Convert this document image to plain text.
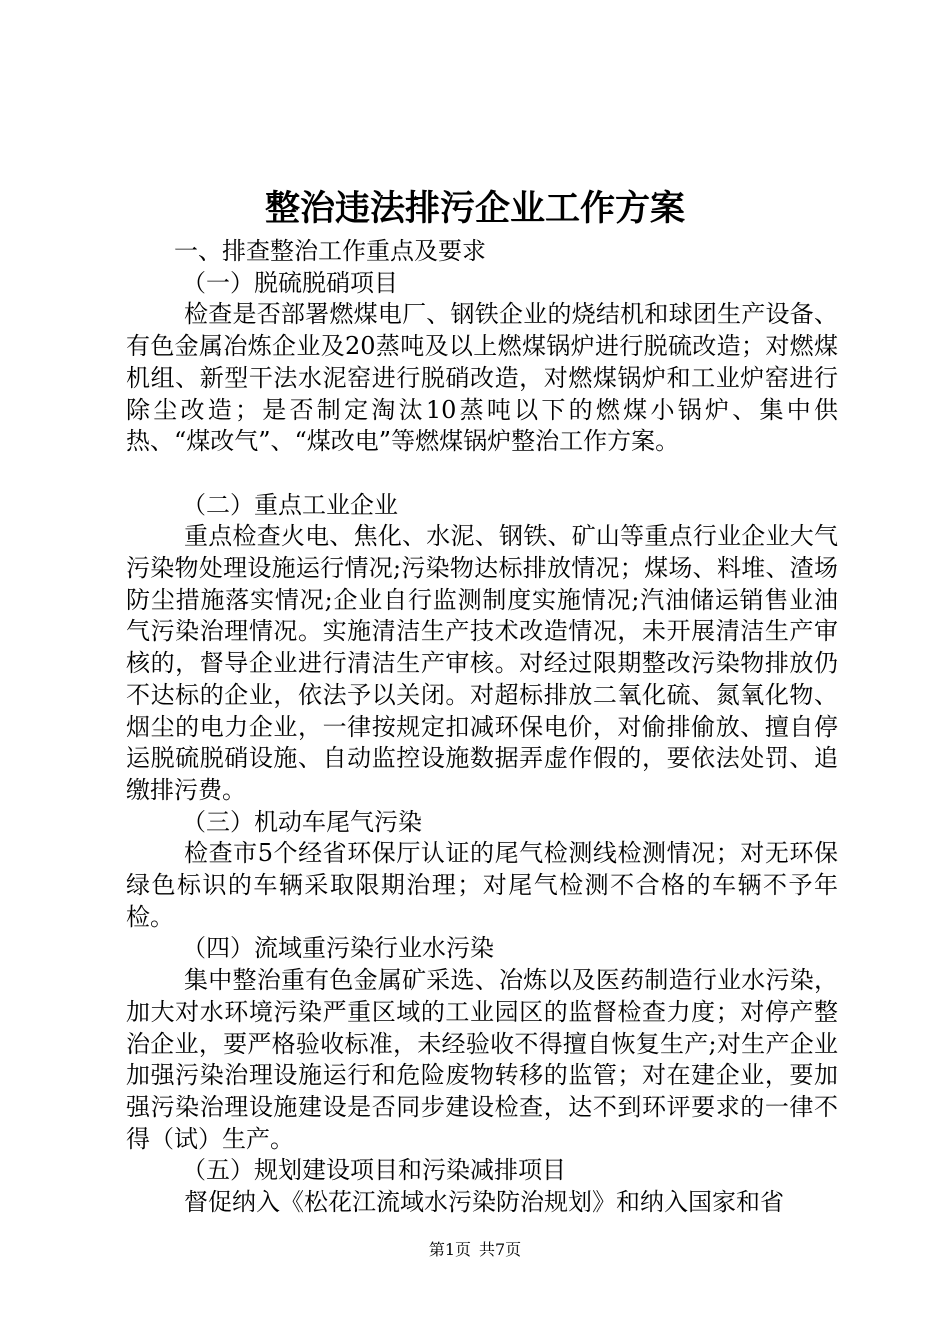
整治违法排污企业工作方案

一、排查整治工作重点及要求

（一）脱硫脱硝项目

检查是否部署燃煤电厂、钢铁企业的烧结机和球团生产设备、有色金属冶炼企业及20蒸吨及以上燃煤锅炉进行脱硫改造；对燃煤机组、新型干法水泥窑进行脱硝改造，对燃煤锅炉和工业炉窑进行除尘改造；是否制定淘汰10蒸吨以下的燃煤小锅炉、集中供热、“煤改气”、“煤改电”等燃煤锅炉整治工作方案。

（二）重点工业企业

重点检查火电、焦化、水泥、钢铁、矿山等重点行业企业大气污染物处理设施运行情况;污染物达标排放情况；煤场、料堆、渣场防尘措施落实情况;企业自行监测制度实施情况;汽油储运销售业油气污染治理情况。实施清洁生产技术改造情况，未开展清洁生产审核的，督导企业进行清洁生产审核。对经过限期整改污染物排放仍不达标的企业，依法予以关闭。对超标排放二氧化硫、氮氧化物、烟尘的电力企业，一律按规定扣减环保电价，对偷排偷放、擅自停运脱硫脱硝设施、自动监控设施数据弄虚作假的，要依法处罚、追缴排污费。

（三）机动车尾气污染

检查市5个经省环保厅认证的尾气检测线检测情况；对无环保绿色标识的车辆采取限期治理；对尾气检测不合格的车辆不予年检。

（四）流域重污染行业水污染

集中整治重有色金属矿采选、冶炼以及医药制造行业水污染，加大对水环境污染严重区域的工业园区的监督检查力度；对停产整治企业，要严格验收标准，未经验收不得擅自恢复生产;对生产企业加强污染治理设施运行和危险废物转移的监管；对在建企业，要加强污染治理设施建设是否同步建设检查，达不到环评要求的一律不得（试）生产。

（五）规划建设项目和污染减排项目

督促纳入《松花江流域水污染防治规划》和纳入国家和省

第1页 共7页
